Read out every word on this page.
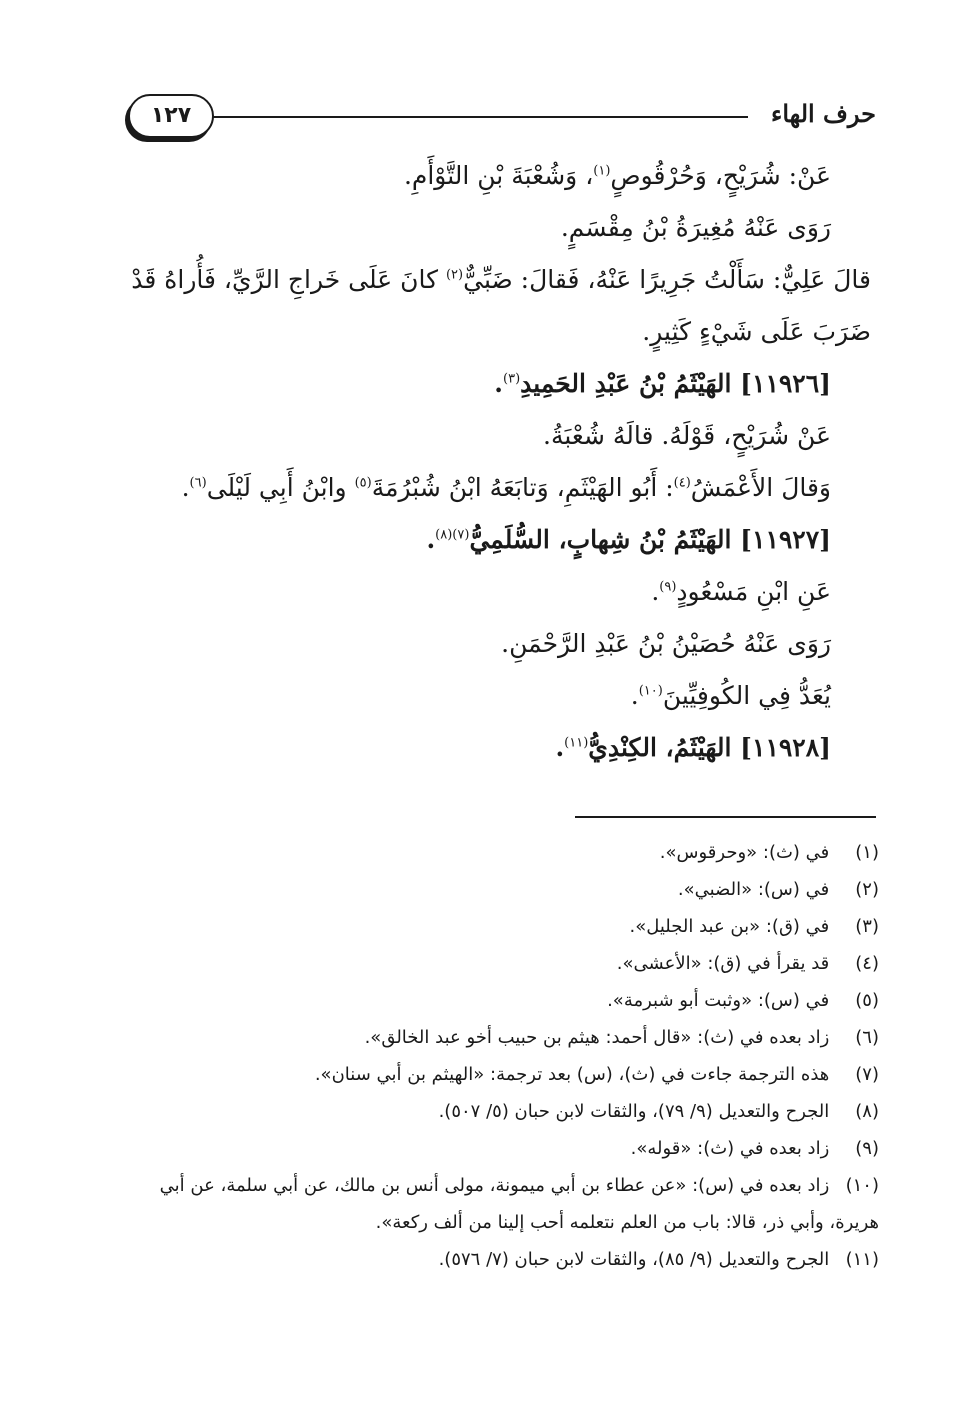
١٢٧	حرف الهاء
عَنْ: شُرَيْحٍ، وَحُرْقُوصٍ$^{(١)}$، وَشُعْبَةَ بْنِ التَّوْأَمِ.
رَوَى عَنْهُ مُغِيرَةُ بْنُ مِقْسَمٍ.
قالَ عَلِيٌّ: سَأَلْتُ جَرِيرًا عَنْهُ، فَقالَ: ضَبِّيٌّ$^{(٢)}$ كانَ عَلَى خَراجِ الرَّيِّ، فَأُراهُ قَدْ
ضَرَبَ عَلَى شَيْءٍ كَثِيرٍ.
[١١٩٢٦] الهَيْثَمُ بْنُ عَبْدِ الحَمِيدِ$^{(٣)}$.
عَنْ شُرَيْحٍ، قَوْلَهُ. قالَهُ شُعْبَةُ.
وَقالَ الأَعْمَشُ$^{(٤)}$: أَبُو الهَيْثَمِ، وَتابَعَهُ ابْنُ شُبْرُمَةَ$^{(٥)}$ وابْنُ أَبِي لَيْلَى$^{(٦)}$.
[١١٩٢٧] الهَيْثَمُ بْنُ شِهابٍ، السُّلَمِيُّ$^{(٧)(٨)}$.
عَنِ ابْنِ مَسْعُودٍ$^{(٩)}$.
رَوَى عَنْهُ حُصَيْنُ بْنُ عَبْدِ الرَّحْمَنِ.
يُعَدُّ فِي الكُوفِيِّينَ$^{(١٠)}$.
[١١٩٢٨] الهَيْثَمُ، الكِنْدِيُّ$^{(١١)}$.
(١) في (ث): «وحرقوس».
(٢) في (س): «الضبي».
(٣) في (ق): «بن عبد الجليل».
(٤) قد يقرأ في (ق): «الأعشى».
(٥) في (س): «وثبت أبو شبرمة».
(٦) زاد بعده في (ث): «قال أحمد: هيثم بن حبيب أخو عبد الخالق».
(٧) هذه الترجمة جاءت في (ث)، (س) بعد ترجمة: «الهيثم بن أبي سنان».
(٨) الجرح والتعديل (٩/ ٧٩)، والثقات لابن حبان (٥/ ٥٠٧).
(٩) زاد بعده في (ث): «قوله».
(١٠) زاد بعده في (س): «عن عطاء بن أبي ميمونة، مولى أنس بن مالك، عن أبي سلمة، عن أبي هريرة، وأبي ذر، قالا: باب من العلم نتعلمه أحب إلينا من ألف ركعة».
(١١) الجرح والتعديل (٩/ ٨٥)، والثقات لابن حبان (٧/ ٥٧٦).
